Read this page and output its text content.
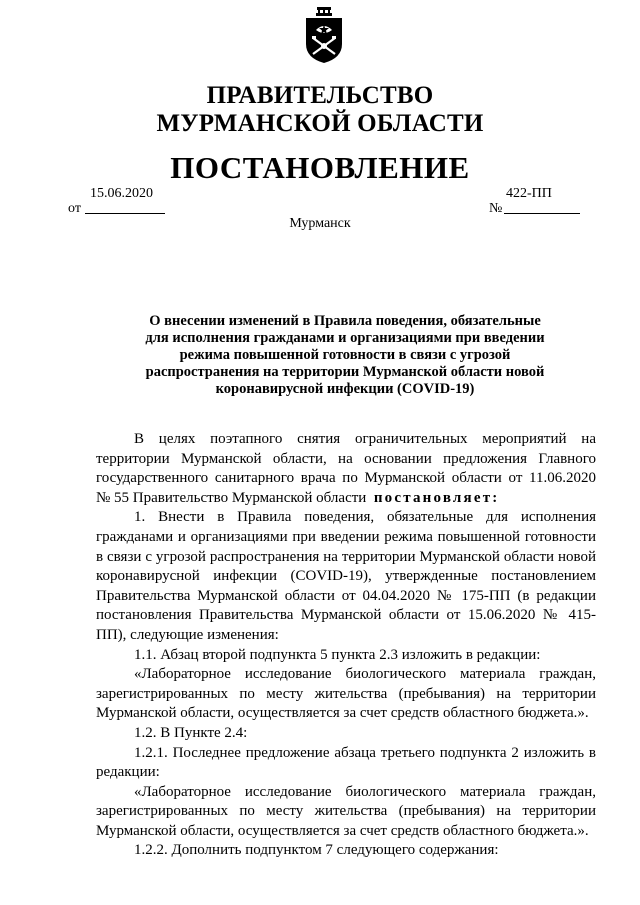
ПРАВИТЕЛЬСТВО
МУРМАНСКОЙ ОБЛАСТИ
ПОСТАНОВЛЕНИЕ
от
15.06.2020
№
422-ПП
Мурманск
О внесении изменений в Правила поведения, обязательные
для исполнения гражданами и организациями при введении
режима повышенной готовности в связи с угрозой
распространения на территории Мурманской области новой
коронавирусной инфекции (COVID-19)
В целях поэтапного снятия ограничительных мероприятий на
территории Мурманской области, на основании предложения Главного
государственного санитарного врача по Мурманской области от 11.06.2020
№ 55 Правительство Мурманской области постановляет:
1. Внести в Правила поведения, обязательные для исполнения
гражданами и организациями при введении режима повышенной готовности
в связи с угрозой распространения на территории Мурманской области новой
коронавирусной инфекции (COVID-19), утвержденные постановлением
Правительства Мурманской области от 04.04.2020 № 175-ПП (в редакции
постановления Правительства Мурманской области от 15.06.2020 № 415-
ПП), следующие изменения:
1.1. Абзац второй подпункта 5 пункта 2.3 изложить в редакции:
«Лабораторное исследование биологического материала граждан,
зарегистрированных по месту жительства (пребывания) на территории
Мурманской области, осуществляется за счет средств областного бюджета.».
1.2. В Пункте 2.4:
1.2.1. Последнее предложение абзаца третьего подпункта 2 изложить в
редакции:
«Лабораторное исследование биологического материала граждан,
зарегистрированных по месту жительства (пребывания) на территории
Мурманской области, осуществляется за счет средств областного бюджета.».
1.2.2. Дополнить подпунктом 7 следующего содержания:
